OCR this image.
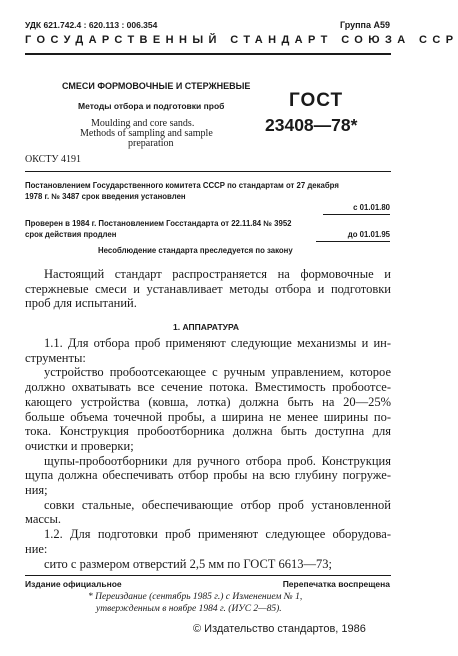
УДК 621.742.4 : 620.113 : 006.354	Группа А59
ГОСУДАРСТВЕННЫЙ СТАНДАРТ СОЮЗА ССР
СМЕСИ ФОРМОВОЧНЫЕ И СТЕРЖНЕВЫЕ
Методы отбора и подготовки проб
Moulding and core sands.
Methods of sampling and sample
preparation
ГОСТ
23408—78*
ОКСТУ 4191
Постановлением Государственного комитета СССР по стандартам от 27 декабря
1978 г. № 3487 срок введения установлен
с 01.01.80
Проверен в 1984 г. Постановлением Госстандарта от 22.11.84 № 3952
срок действия продлен	до 01.01.95
Несоблюдение стандарта преследуется по закону
Настоящий стандарт распространяется на формовочные и
стержневые смеси и устанавливает методы отбора и подготовки
проб для испытаний.
1. АППАРАТУРА
1.1. Для отбора проб применяют следующие механизмы и ин-
струменты:
устройство пробоотсекающее с ручным управлением, которое
должно охватывать все сечение потока. Вместимость пробоотсе-
кающего устройства (ковша, лотка) должна быть на 20—25%
больше объема точечной пробы, а ширина не менее ширины по-
тока. Конструкция пробоотборника должна быть доступна для
очистки и проверки;
щупы-пробоотборники для ручного отбора проб. Конструкция
щупа должна обеспечивать отбор пробы на всю глубину погруже-
ния;
совки стальные, обеспечивающие отбор проб установленной
массы.
1.2. Для подготовки проб применяют следующее оборудова-
ние:
сито с размером отверстий 2,5 мм по ГОСТ 6613—73;
Издание официальное	Перепечатка воспрещена
* Переиздание (сентябрь 1985 г.) с Изменением № 1,
утвержденным в ноябре 1984 г. (ИУС 2—85).
© Издательство стандартов, 1986
